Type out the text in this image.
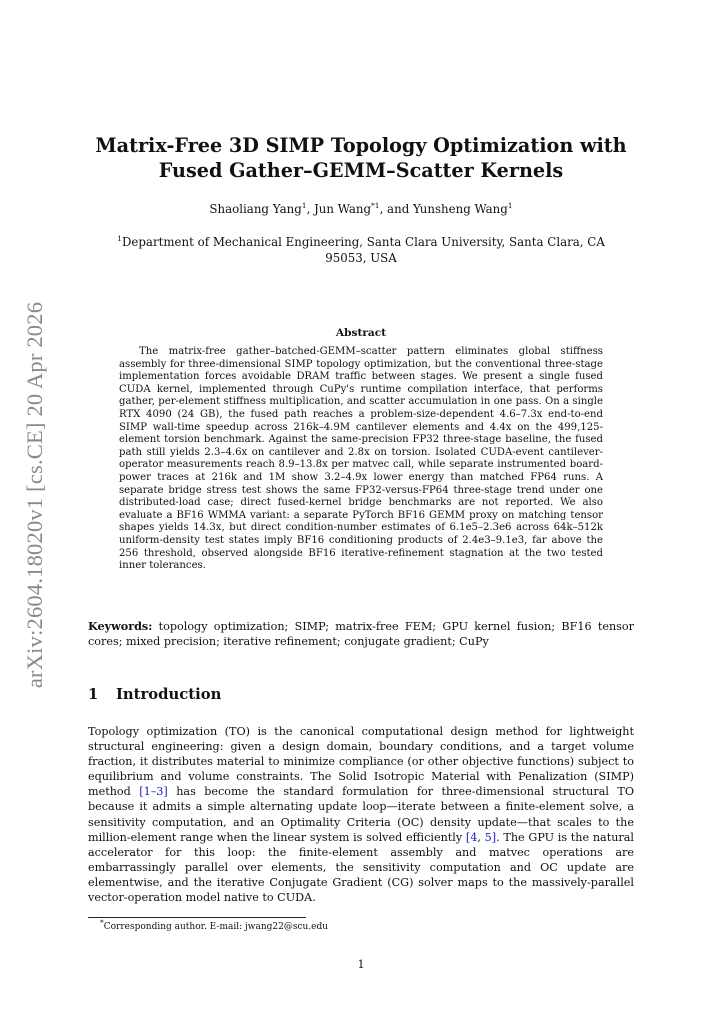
arXiv:2604.18020v1 [cs.CE] 20 Apr 2026
Matrix-Free 3D SIMP Topology Optimization with
Fused Gather–GEMM–Scatter Kernels
Shaoliang Yang$^1$, Jun Wang$^{*1}$, and Yunsheng Wang$^1$
$^1$Department of Mechanical Engineering, Santa Clara University, Santa Clara, CA
95053, USA
Abstract
The matrix-free gather–batched-GEMM–scatter pattern eliminates global stiffness assembly for three-dimensional SIMP topology optimization, but the conventional three-stage implementation forces avoidable DRAM traffic between stages. We present a single fused CUDA kernel, implemented through CuPy's runtime compilation interface, that performs gather, per-element stiffness multiplication, and scatter accumulation in one pass. On a single RTX 4090 (24 GB), the fused path reaches a problem-size-dependent 4.6–7.3x end-to-end SIMP wall-time speedup across 216k–4.9M cantilever elements and 4.4x on the 499,125-element torsion benchmark. Against the same-precision FP32 three-stage baseline, the fused path still yields 2.3–4.6x on cantilever and 2.8x on torsion. Isolated CUDA-event cantilever-operator measurements reach 8.9–13.8x per matvec call, while separate instrumented board-power traces at 216k and 1M show 3.2–4.9x lower energy than matched FP64 runs. A separate bridge stress test shows the same FP32-versus-FP64 three-stage trend under one distributed-load case; direct fused-kernel bridge benchmarks are not reported. We also evaluate a BF16 WMMA variant: a separate PyTorch BF16 GEMM proxy on matching tensor shapes yields 14.3x, but direct condition-number estimates of 6.1e5–2.3e6 across 64k–512k uniform-density test states imply BF16 conditioning products of 2.4e3–9.1e3, far above the 256 threshold, observed alongside BF16 iterative-refinement stagnation at the two tested inner tolerances.
Keywords: topology optimization; SIMP; matrix-free FEM; GPU kernel fusion; BF16 tensor cores; mixed precision; iterative refinement; conjugate gradient; CuPy
1 Introduction
Topology optimization (TO) is the canonical computational design method for lightweight structural engineering: given a design domain, boundary conditions, and a target volume fraction, it distributes material to minimize compliance (or other objective functions) subject to equilibrium and volume constraints. The Solid Isotropic Material with Penalization (SIMP) method [1–3] has become the standard formulation for three-dimensional structural TO because it admits a simple alternating update loop—iterate between a finite-element solve, a sensitivity computation, and an Optimality Criteria (OC) density update—that scales to the million-element range when the linear system is solved efficiently [4, 5]. The GPU is the natural accelerator for this loop: the finite-element assembly and matvec operations are embarrassingly parallel over elements, the sensitivity computation and OC update are elementwise, and the iterative Conjugate Gradient (CG) solver maps to the massively-parallel vector-operation model native to CUDA.
*Corresponding author. E-mail: jwang22@scu.edu
1
